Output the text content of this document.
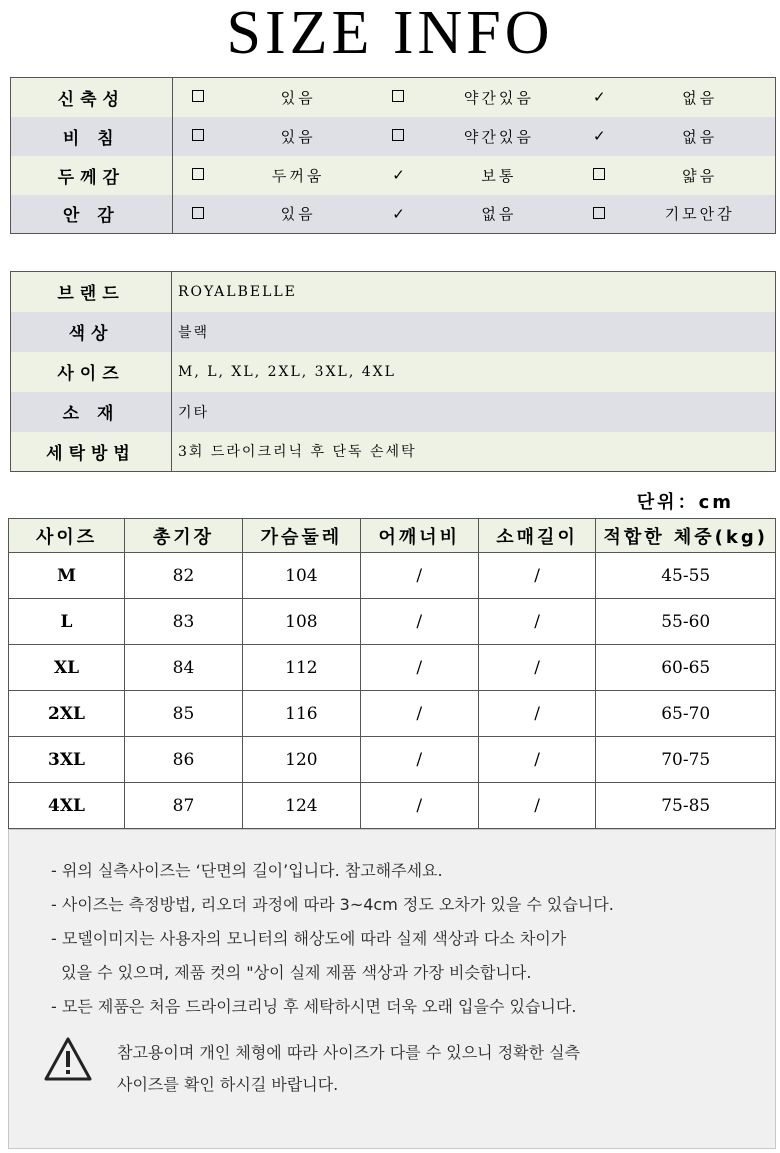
SIZE INFO
신축성		있음		약간있음	✓	없음
비 침		있음		약간있음	✓	없음
두께감		두꺼움	✓	보통		얇음
안 감		있음	✓	없음		기모안감
브랜드	ROYALBELLE
색상	블랙
사이즈	M, L, XL, 2XL, 3XL, 4XL
소 재	기타
세탁방법	3회 드라이크리닉 후 단독 손세탁
단위：cm
사이즈	총기장	가슴둘레	어깨너비	소매길이	적합한 체중(kg)
M	82	104	/	/	45-55
L	83	108	/	/	55-60
XL	84	112	/	/	60-65
2XL	85	116	/	/	65-70
3XL	86	120	/	/	70-75
4XL	87	124	/	/	75-85
- 위의 실측사이즈는 ‘단면의 길이’입니다. 참고해주세요.
- 사이즈는 측정방법, 리오더 과정에 따라 3~4cm 정도 오차가 있을 수 있습니다.
- 모델이미지는 사용자의 모니터의 해상도에 따라 실제 색상과 다소 차이가
있을 수 있으며, 제품 컷의 "상이 실제 제품 색상과 가장 비슷합니다.
- 모든 제품은 처음 드라이크리닝 후 세탁하시면 더욱 오래 입을수 있습니다.
참고용이며 개인 체형에 따라 사이즈가 다를 수 있으니 정확한 실측
사이즈를 확인 하시길 바랍니다.
